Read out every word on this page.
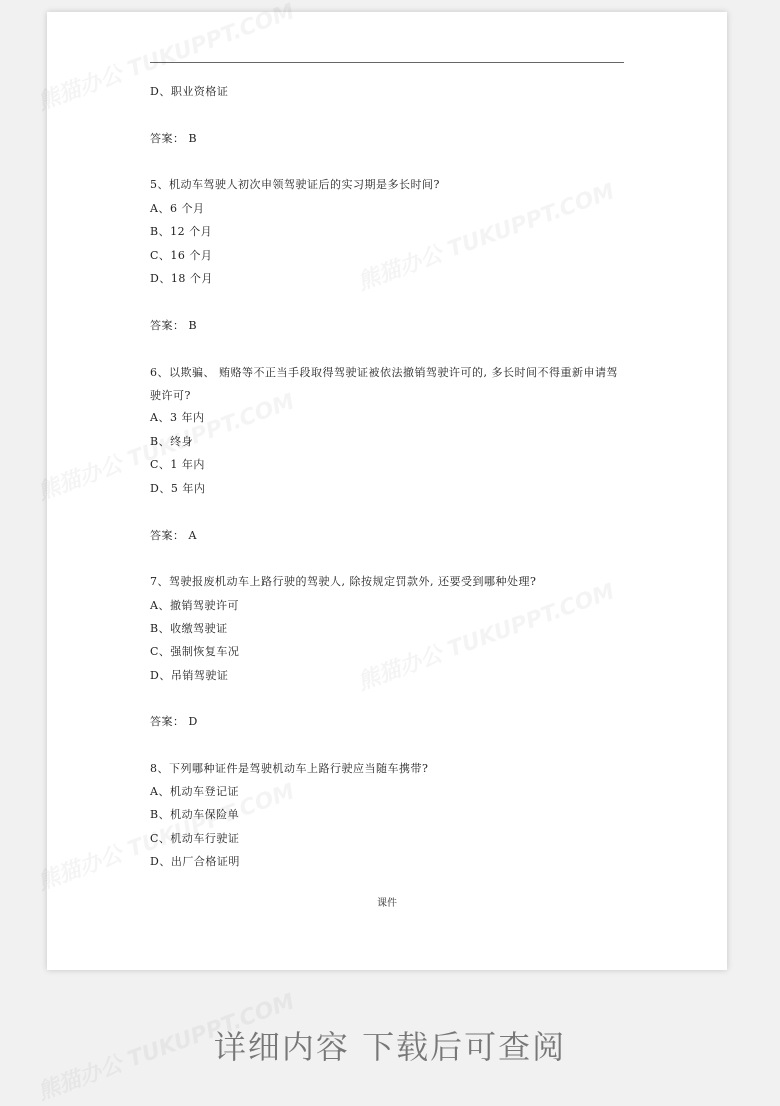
D、职业资格证
答案： B
5、机动车驾驶人初次申领驾驶证后的实习期是多长时间?
A、6 个月
B、12 个月
C、16 个月
D、18 个月
答案： B
6、以欺骗、 贿赂等不正当手段取得驾驶证被依法撤销驾驶许可的, 多长时间不得重新申请驾
驶许可?
A、3 年内
B、终身
C、1 年内
D、5 年内
答案： A
7、驾驶报废机动车上路行驶的驾驶人, 除按规定罚款外, 还要受到哪种处理?
A、撤销驾驶许可
B、收缴驾驶证
C、强制恢复车况
D、吊销驾驶证
答案： D
8、下列哪种证件是驾驶机动车上路行驶应当随车携带?
A、机动车登记证
B、机动车保险单
C、机动车行驶证
D、出厂合格证明
课件
详细内容 下载后可查阅
